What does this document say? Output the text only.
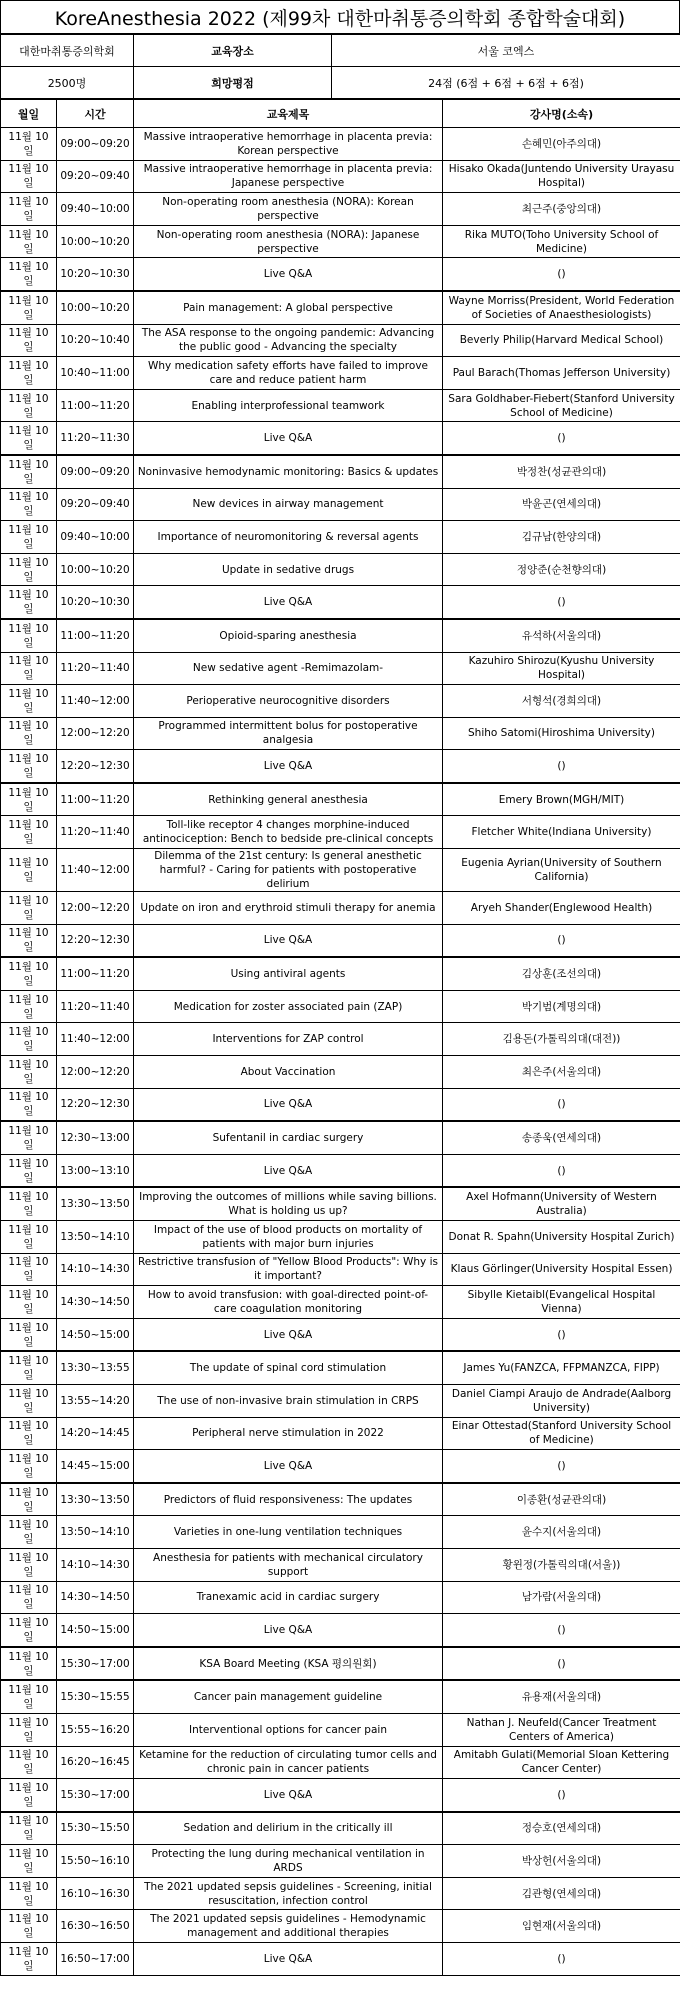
KoreAnesthesia 2022 (제99차 대한마취통증의학회 종합학술대회)
대한마취통증의학회	교육장소	서울 코엑스
2500명	희망평점	24점 (6점 + 6점 + 6점 + 6점)
월일	시간	교육제목	강사명(소속)
11월 10일	09:00~09:20	Massive intraoperative hemorrhage in placenta previa: Korean perspective	손혜민(아주의대)
11월 10일	09:20~09:40	Massive intraoperative hemorrhage in placenta previa: Japanese perspective	Hisako Okada(Juntendo University Urayasu Hospital)
11월 10일	09:40~10:00	Non-operating room anesthesia (NORA): Korean perspective	최근주(중앙의대)
11월 10일	10:00~10:20	Non-operating room anesthesia (NORA): Japanese perspective	Rika MUTO(Toho University School of Medicine)
11월 10일	10:20~10:30	Live Q&A	()
11월 10일	10:00~10:20	Pain management: A global perspective	Wayne Morriss(President, World Federation of Societies of Anaesthesiologists)
11월 10일	10:20~10:40	The ASA response to the ongoing pandemic: Advancing the public good - Advancing the specialty	Beverly Philip(Harvard Medical School)
11월 10일	10:40~11:00	Why medication safety efforts have failed to improve care and reduce patient harm	Paul Barach(Thomas Jefferson University)
11월 10일	11:00~11:20	Enabling interprofessional teamwork	Sara Goldhaber-Fiebert(Stanford University School of Medicine)
11월 10일	11:20~11:30	Live Q&A	()
11월 10일	09:00~09:20	Noninvasive hemodynamic monitoring: Basics & updates	박정찬(성균관의대)
11월 10일	09:20~09:40	New devices in airway management	박윤곤(연세의대)
11월 10일	09:40~10:00	Importance of neuromonitoring & reversal agents	김규남(한양의대)
11월 10일	10:00~10:20	Update in sedative drugs	정양준(순천향의대)
11월 10일	10:20~10:30	Live Q&A	()
11월 10일	11:00~11:20	Opioid-sparing anesthesia	유석하(서울의대)
11월 10일	11:20~11:40	New sedative agent -Remimazolam-	Kazuhiro Shirozu(Kyushu University Hospital)
11월 10일	11:40~12:00	Perioperative neurocognitive disorders	서형석(경희의대)
11월 10일	12:00~12:20	Programmed intermittent bolus for postoperative analgesia	Shiho Satomi(Hiroshima University)
11월 10일	12:20~12:30	Live Q&A	()
11월 10일	11:00~11:20	Rethinking general anesthesia	Emery Brown(MGH/MIT)
11월 10일	11:20~11:40	Toll-like receptor 4 changes morphine-induced antinociception: Bench to bedside pre-clinical concepts	Fletcher White(Indiana University)
11월 10일	11:40~12:00	Dilemma of the 21st century: Is general anesthetic harmful? - Caring for patients with postoperative delirium	Eugenia Ayrian(University of Southern California)
11월 10일	12:00~12:20	Update on iron and erythroid stimuli therapy for anemia	Aryeh Shander(Englewood Health)
11월 10일	12:20~12:30	Live Q&A	()
11월 10일	11:00~11:20	Using antiviral agents	김상훈(조선의대)
11월 10일	11:20~11:40	Medication for zoster associated pain (ZAP)	박기범(계명의대)
11월 10일	11:40~12:00	Interventions for ZAP control	김용돈(가톨릭의대(대전))
11월 10일	12:00~12:20	About Vaccination	최은주(서울의대)
11월 10일	12:20~12:30	Live Q&A	()
11월 10일	12:30~13:00	Sufentanil in cardiac surgery	송종욱(연세의대)
11월 10일	13:00~13:10	Live Q&A	()
11월 10일	13:30~13:50	Improving the outcomes of millions while saving billions. What is holding us up?	Axel Hofmann(University of Western Australia)
11월 10일	13:50~14:10	Impact of the use of blood products on mortality of patients with major burn injuries	Donat R. Spahn(University Hospital Zurich)
11월 10일	14:10~14:30	Restrictive transfusion of "Yellow Blood Products": Why is it important?	Klaus Görlinger(University Hospital Essen)
11월 10일	14:30~14:50	How to avoid transfusion: with goal-directed point-of-care coagulation monitoring	Sibylle Kietaibl(Evangelical Hospital Vienna)
11월 10일	14:50~15:00	Live Q&A	()
11월 10일	13:30~13:55	The update of spinal cord stimulation	James Yu(FANZCA, FFPMANZCA, FIPP)
11월 10일	13:55~14:20	The use of non-invasive brain stimulation in CRPS	Daniel Ciampi Araujo de Andrade(Aalborg University)
11월 10일	14:20~14:45	Peripheral nerve stimulation in 2022	Einar Ottestad(Stanford University School of Medicine)
11월 10일	14:45~15:00	Live Q&A	()
11월 10일	13:30~13:50	Predictors of fluid responsiveness: The updates	이종환(성균관의대)
11월 10일	13:50~14:10	Varieties in one-lung ventilation techniques	윤수지(서울의대)
11월 10일	14:10~14:30	Anesthesia for patients with mechanical circulatory support	황윈정(가톨릭의대(서울))
11월 10일	14:30~14:50	Tranexamic acid in cardiac surgery	남가람(서울의대)
11월 10일	14:50~15:00	Live Q&A	()
11월 10일	15:30~17:00	KSA Board Meeting (KSA 평의원회)	()
11월 10일	15:30~15:55	Cancer pain management guideline	유용재(서울의대)
11월 10일	15:55~16:20	Interventional options for cancer pain	Nathan J. Neufeld(Cancer Treatment Centers of America)
11월 10일	16:20~16:45	Ketamine for the reduction of circulating tumor cells and chronic pain in cancer patients	Amitabh Gulati(Memorial Sloan Kettering Cancer Center)
11월 10일	15:30~17:00	Live Q&A	()
11월 10일	15:30~15:50	Sedation and delirium in the critically ill	정승호(연세의대)
11월 10일	15:50~16:10	Protecting the lung during mechanical ventilation in ARDS	박상헌(서울의대)
11월 10일	16:10~16:30	The 2021 updated sepsis guidelines - Screening, initial resuscitation, infection control	김관형(연세의대)
11월 10일	16:30~16:50	The 2021 updated sepsis guidelines - Hemodynamic management and additional therapies	임현재(서울의대)
11월 10일	16:50~17:00	Live Q&A	()
